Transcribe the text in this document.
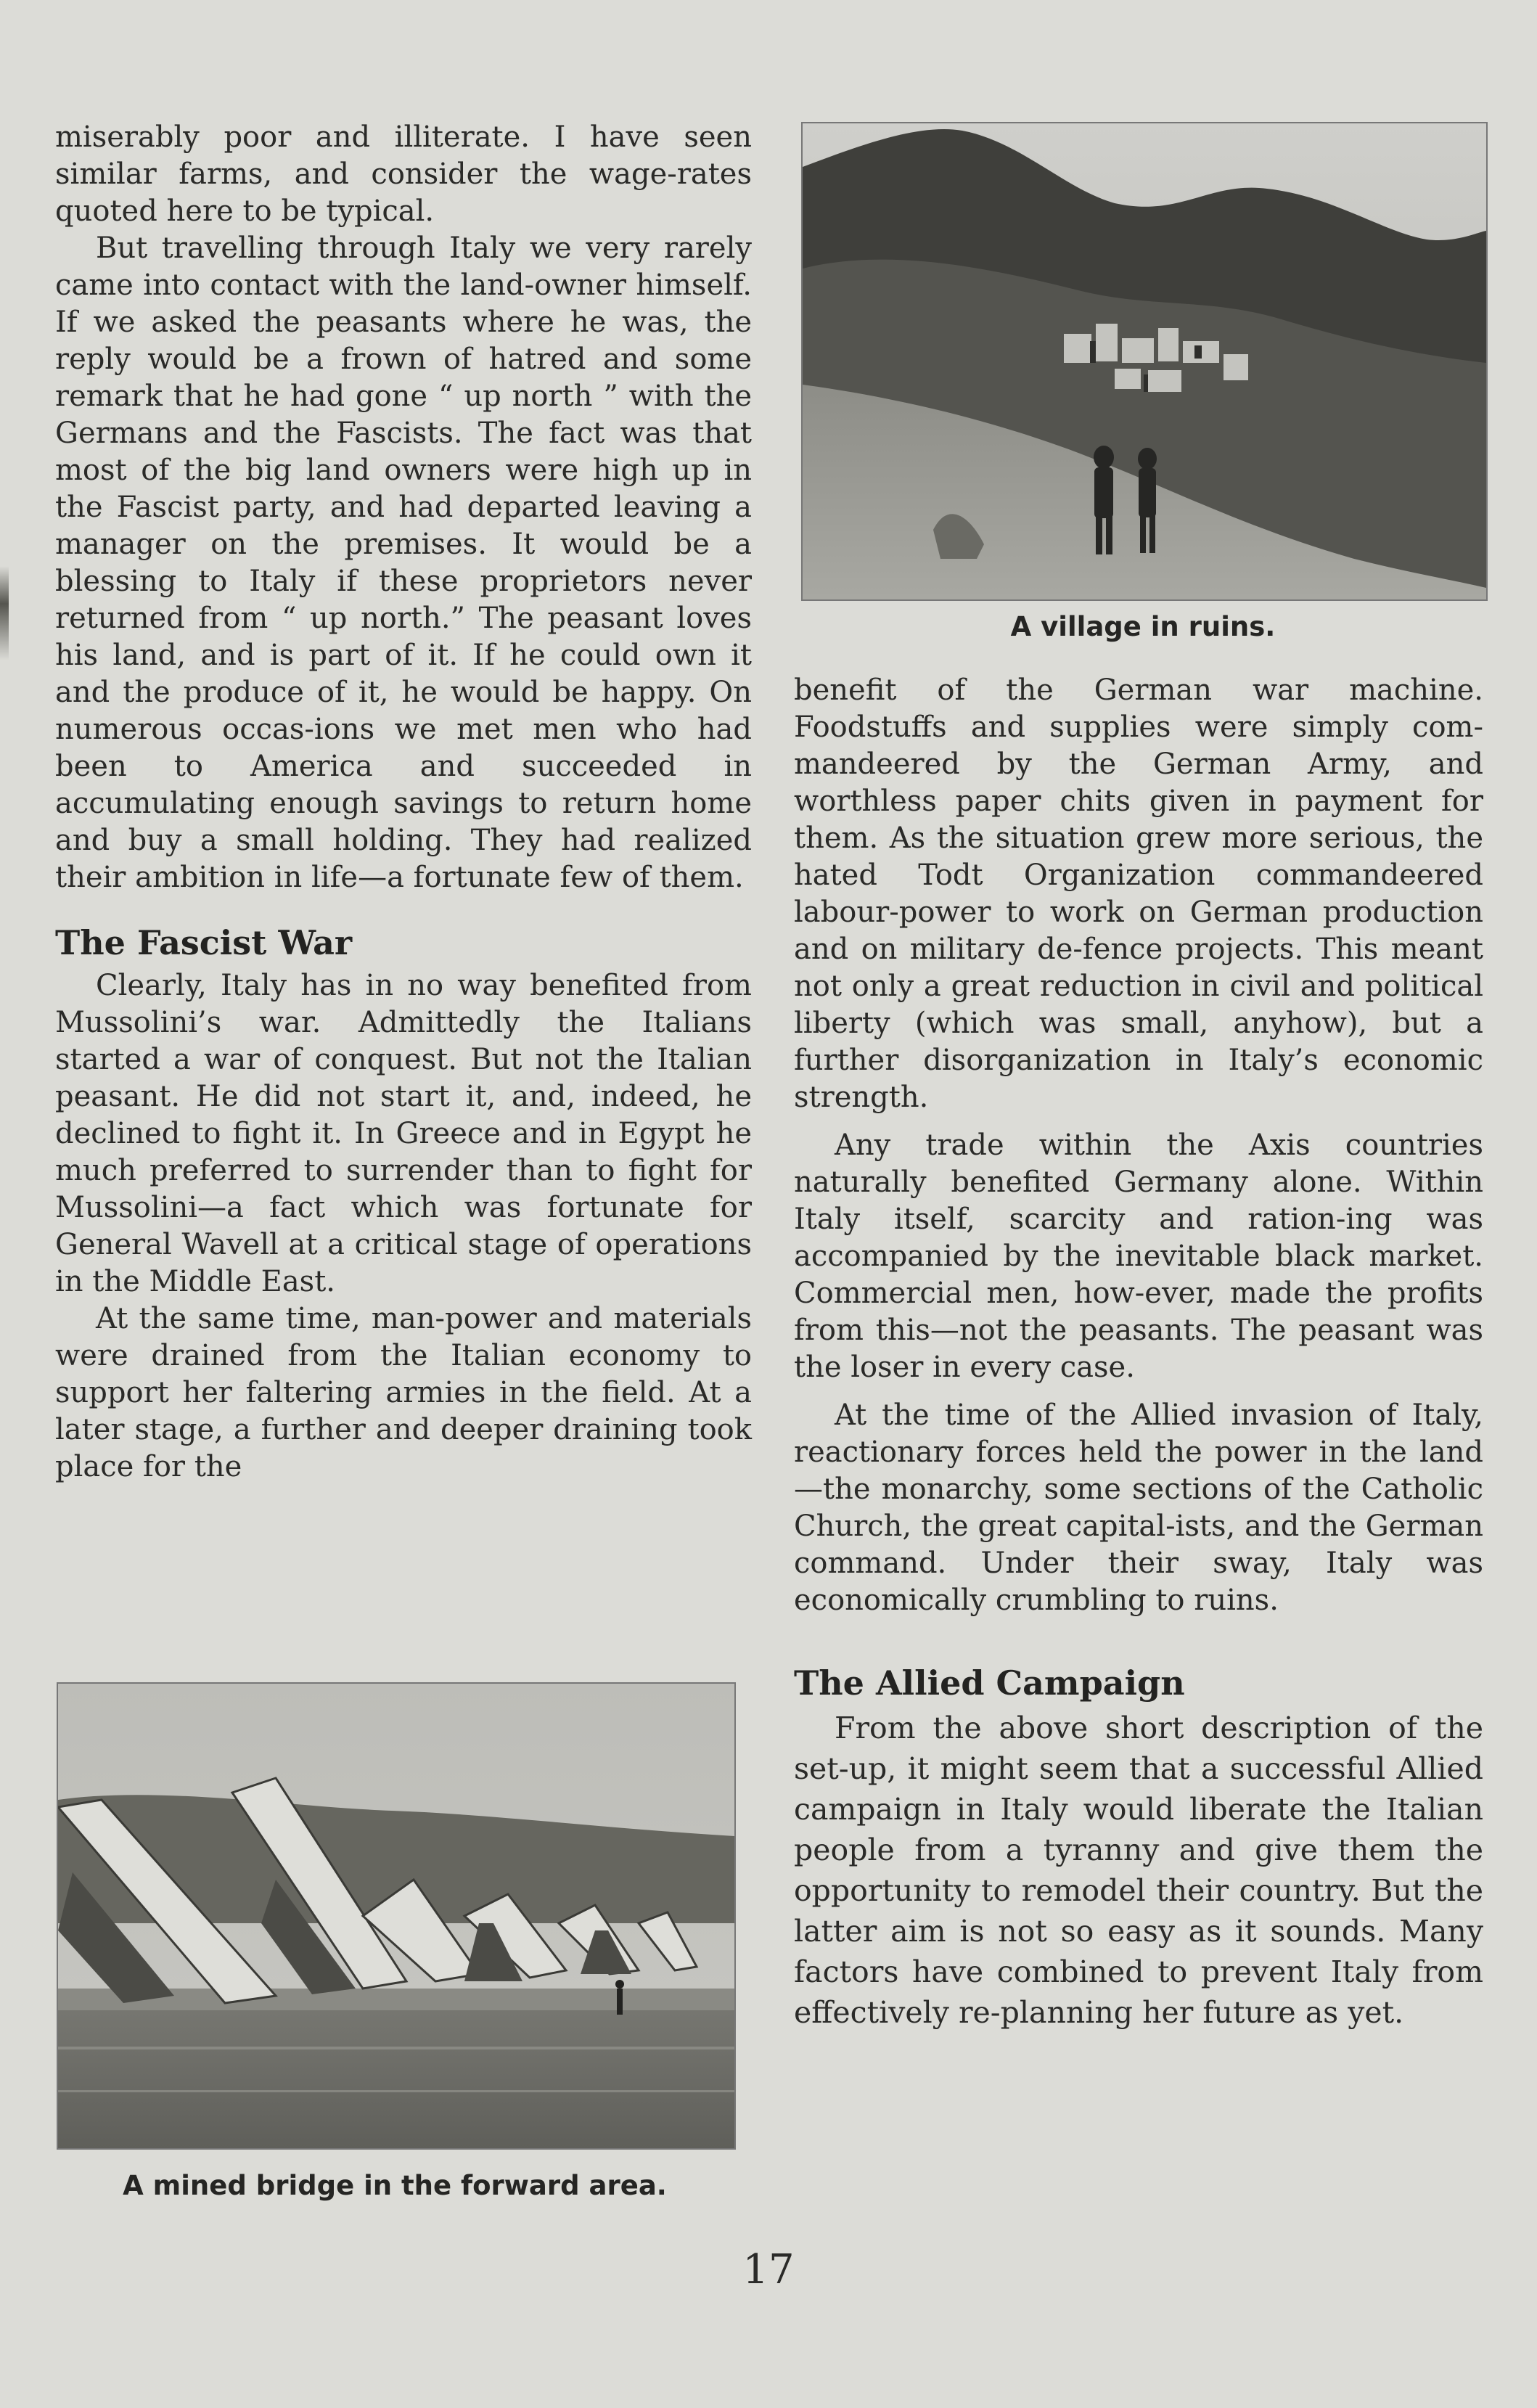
miserably poor and illiterate. I have seen similar farms, and consider the wage-rates quoted here to be typical.

But travelling through Italy we very rarely came into contact with the land-owner himself. If we asked the peasants where he was, the reply would be a frown of hatred and some remark that he had gone “ up north ” with the Germans and the Fascists. The fact was that most of the big land owners were high up in the Fascist party, and had departed leaving a manager on the premises. It would be a blessing to Italy if these proprietors never returned from “ up north.” The peasant loves his land, and is part of it. If he could own it and the produce of it, he would be happy. On numerous occas-ions we met men who had been to America and succeeded in accumulating enough savings to return home and buy a small holding. They had realized their ambition in life—a fortunate few of them.

The Fascist War

Clearly, Italy has in no way benefited from Mussolini’s war. Admittedly the Italians started a war of conquest. But not the Italian peasant. He did not start it, and, indeed, he declined to fight it. In Greece and in Egypt he much preferred to surrender than to fight for Mussolini—a fact which was fortunate for General Wavell at a critical stage of operations in the Middle East.

At the same time, man-power and materials were drained from the Italian economy to support her faltering armies in the field. At a later stage, a further and deeper draining took place for the

A village in ruins.

benefit of the German war machine. Foodstuffs and supplies were simply com-mandeered by the German Army, and worthless paper chits given in payment for them. As the situation grew more serious, the hated Todt Organization commandeered labour-power to work on German production and on military de-fence projects. This meant not only a great reduction in civil and political liberty (which was small, anyhow), but a further disorganization in Italy’s economic strength.

Any trade within the Axis countries naturally benefited Germany alone. Within Italy itself, scarcity and ration-ing was accompanied by the inevitable black market. Commercial men, how-ever, made the profits from this—not the peasants. The peasant was the loser in every case.

At the time of the Allied invasion of Italy, reactionary forces held the power in the land—the monarchy, some sections of the Catholic Church, the great capital-ists, and the German command. Under their sway, Italy was economically crumbling to ruins.

The Allied Campaign

From the above short description of the set-up, it might seem that a successful Allied campaign in Italy would liberate the Italian people from a tyranny and give them the opportunity to remodel their country. But the latter aim is not so easy as it sounds. Many factors have combined to prevent Italy from effectively re-planning her future as yet.

A mined bridge in the forward area.
17
